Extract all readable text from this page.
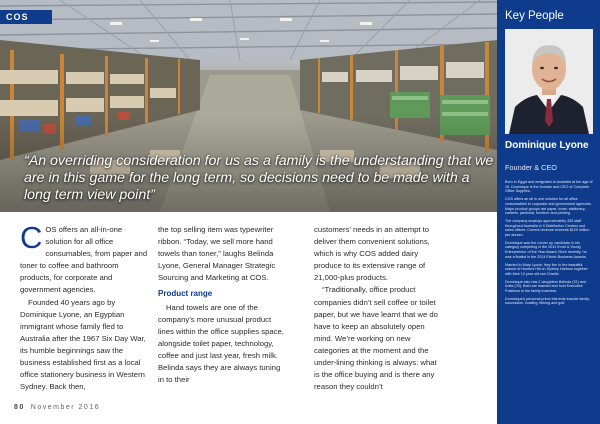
COS
“An overriding consideration for us as a family is the understanding that we are in this game for the long term, so decisions need to be made with a long term view point”

COS offers an all-in-one solution for all office consumables, from paper and toner to coffee and bathroom products, for corporate and government agencies.

Founded 40 years ago by Dominique Lyone, an Egyptian immigrant whose family fled to Australia after the 1967 Six Day War, its humble beginnings saw the business established first as a local office stationery business in Western Sydney. Back then,

the top selling item was typewriter ribbon. “Today, we sell more hand towels than toner,” laughs Belinda Lyone, General Manager Strategic Sourcing and Marketing at COS.

Product range

Hand towels are one of the company’s more unusual product lines within the office supplies space, alongside toilet paper, technology, coffee and just last year, fresh milk. Belinda says they are always tuning in to their

customers’ needs in an attempt to deliver them convenient solutions, which is why COS added dairy produce to its extensive range of 21,000-plus products.

“Traditionally, office product companies didn’t sell coffee or toilet paper, but we have learnt that we do have to keep an absolutely open mind. We’re working on new categories at the moment and the under-lining thinking is always: what is the office buying and is there any reason they couldn’t

80 November 2016
Key People
Dominique Lyone
Founder & CEO

Born in Egypt and emigrated to Australia at the age of 15. Dominique is the founder and CEO of Complete Office Supplies.

COS offers an all in one solution for all office consumables to corporate and government agencies. Major product groups are paper, toner, stationery, canteen, janitorial, furniture and printing.

The company employs approximately 330 staff throughout Australia in 9 Distribution Centres and sales offices. Current revenue exceeds $120 million per annum.

Dominique was the runner up candidate in his category competing in the 2011 Ernst & Young Entrepreneur of the Year Award. More recently, he was a finalist in the 2014 Ethnic Business Awards.

Married to Mary Lyone, they live in the beautiful suburb of Hunters Hill on Sydney Harbour together with their 12 year old son Charlie.

Dominique also has 2 daughters Belinda (31) and Anita (33). Both are married and hold Executive Positions in the family business.

Dominique’s personal prime interests include family, succession, boating, fishing and golf.
